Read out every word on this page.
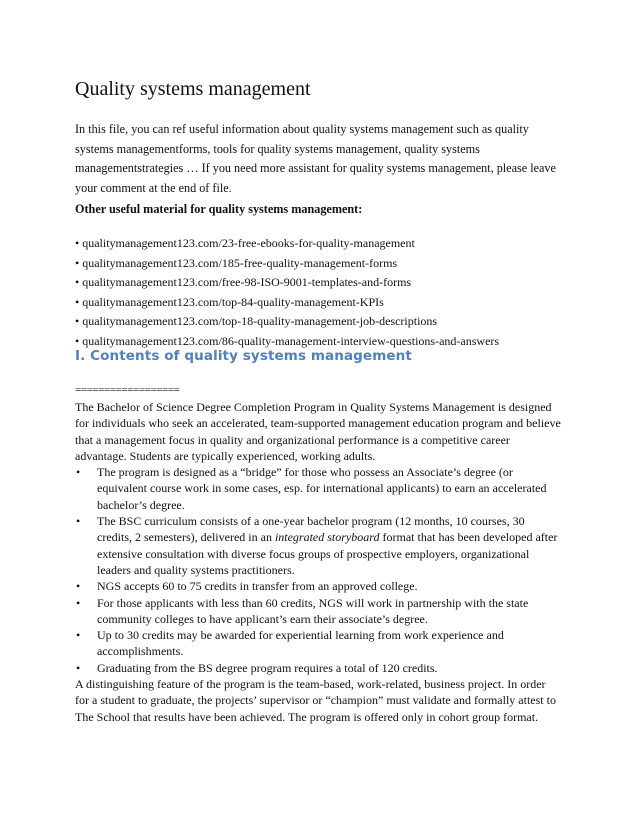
Quality systems management

In this file, you can ref useful information about quality systems management such as quality systems managementforms, tools for quality systems management, quality systems managementstrategies … If you need more assistant for quality systems management, please leave your comment at the end of file.

Other useful material for quality systems management:

• qualitymanagement123.com/23-free-ebooks-for-quality-management
• qualitymanagement123.com/185-free-quality-management-forms
• qualitymanagement123.com/free-98-ISO-9001-templates-and-forms
• qualitymanagement123.com/top-84-quality-management-KPIs
• qualitymanagement123.com/top-18-quality-management-job-descriptions
• qualitymanagement123.com/86-quality-management-interview-questions-and-answers
I. Contents of quality systems management
==================

The Bachelor of Science Degree Completion Program in Quality Systems Management is designed for individuals who seek an accelerated, team-supported management education program and believe that a management focus in quality and organizational performance is a competitive career advantage. Students are typically experienced, working adults.

• The program is designed as a “bridge” for those who possess an Associate’s degree (or equivalent course work in some cases, esp. for international applicants) to earn an accelerated bachelor’s degree.
• The BSC curriculum consists of a one-year bachelor program (12 months, 10 courses, 30 credits, 2 semesters), delivered in an integrated storyboard format that has been developed after extensive consultation with diverse focus groups of prospective employers, organizational leaders and quality systems practitioners.
• NGS accepts 60 to 75 credits in transfer from an approved college.
• For those applicants with less than 60 credits, NGS will work in partnership with the state community colleges to have applicant’s earn their associate’s degree.
• Up to 30 credits may be awarded for experiential learning from work experience and accomplishments.
• Graduating from the BS degree program requires a total of 120 credits.

A distinguishing feature of the program is the team-based, work-related, business project. In order for a student to graduate, the projects’ supervisor or “champion” must validate and formally attest to The School that results have been achieved. The program is offered only in cohort group format.
